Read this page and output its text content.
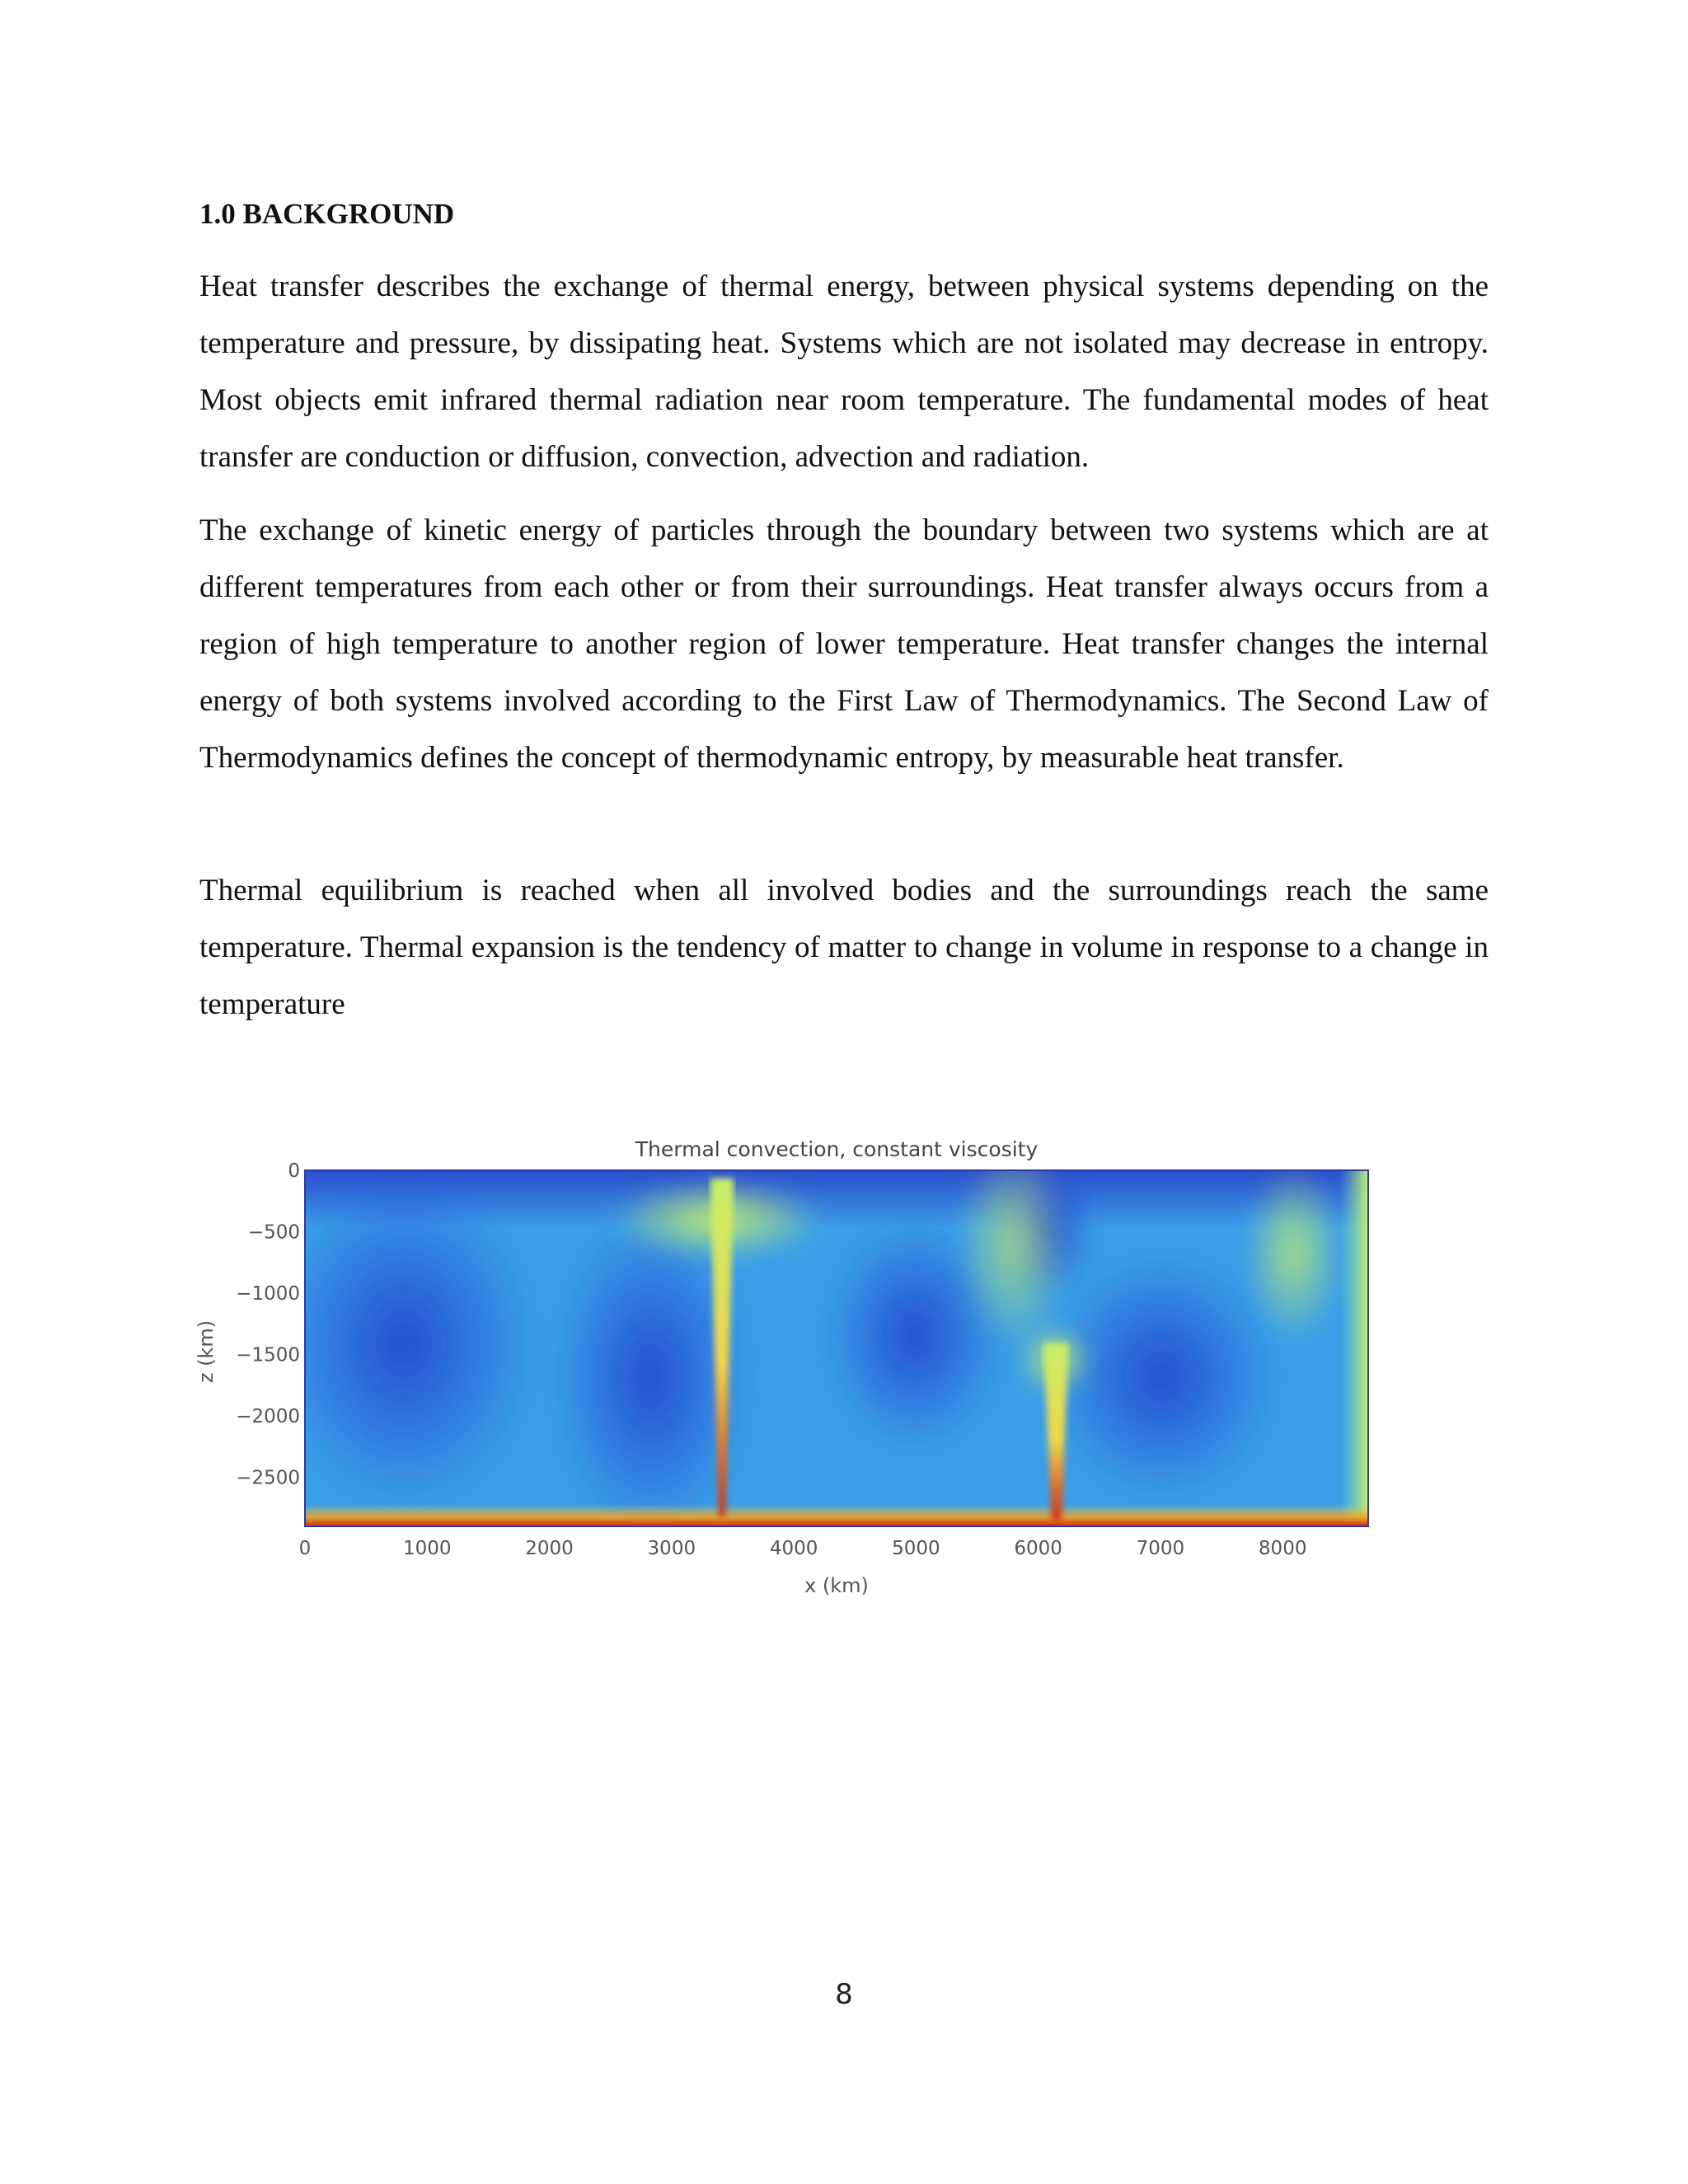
1.0 BACKGROUND

Heat transfer describes the exchange of thermal energy, between physical systems depending on the temperature and pressure, by dissipating heat. Systems which are not isolated may decrease in entropy. Most objects emit infrared thermal radiation near room temperature. The fundamental modes of heat transfer are conduction or diffusion, convection, advection and radiation.

The exchange of kinetic energy of particles through the boundary between two systems which are at different temperatures from each other or from their surroundings. Heat transfer always occurs from a region of high temperature to another region of lower temperature. Heat transfer changes the internal energy of both systems involved according to the First Law of Thermodynamics. The Second Law of Thermodynamics defines the concept of thermodynamic entropy, by measurable heat transfer.

Thermal equilibrium is reached when all involved bodies and the surroundings reach the same temperature. Thermal expansion is the tendency of matter to change in volume in response to a change in temperature

Thermal convection, constant viscosity
0	1000	2000	3000	4000	5000	6000	7000	8000
0
−500
−1000
−1500
−2000
−2500
x (km)
z (km)
8
